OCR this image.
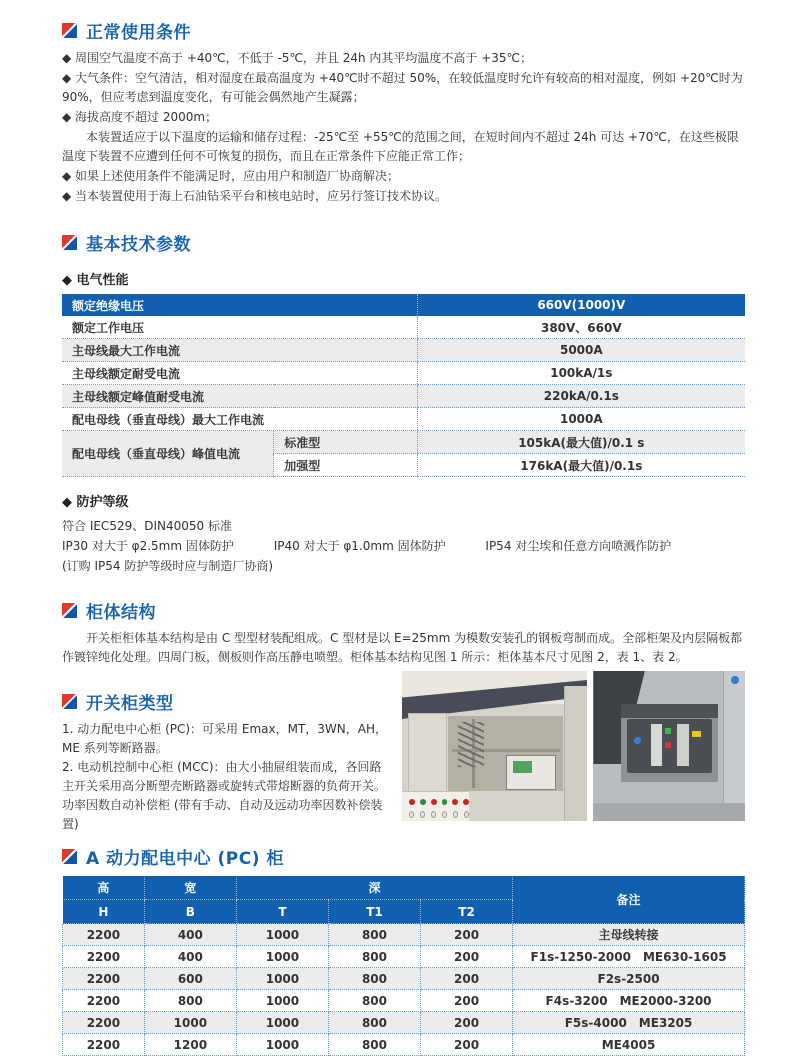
正常使用条件

◆ 周围空气温度不高于 +40℃，不低于 -5℃，并且 24h 内其平均温度不高于 +35℃；

◆ 大气条件：空气清洁，相对湿度在最高温度为 +40℃时不超过 50%，在较低温度时允许有较高的相对湿度，例如 +20℃时为 90%，但应考虑到温度变化，有可能会偶然地产生凝露；

◆ 海拔高度不超过 2000m；

本装置适应于以下温度的运输和储存过程：-25℃至 +55℃的范围之间，在短时间内不超过 24h 可达 +70℃，在这些极限温度下装置不应遭到任何不可恢复的损伤，而且在正常条件下应能正常工作；

◆ 如果上述使用条件不能满足时，应由用户和制造厂协商解决；

◆ 当本装置使用于海上石油钻采平台和核电站时，应另行签订技术协议。

基本技术参数
◆ 电气性能
额定绝缘电压		660V(1000)V
额定工作电压		380V、660V
主母线最大工作电流		5000A
主母线额定耐受电流		100kA/1s
主母线额定峰值耐受电流		220kA/0.1s
配电母线（垂直母线）最大工作电流		1000A
配电母线（垂直母线）峰值电流	标准型	105kA(最大值)/0.1 s
	加强型	176kA(最大值)/0.1s
◆ 防护等级
符合 IEC529、DIN40050 标准
IP30 对大于 φ2.5mm 固体防护	IP40 对大于 φ1.0mm 固体防护	IP54 对尘埃和任意方向喷溅作防护
(订购 IP54 防护等级时应与制造厂协商)
柜体结构

开关柜柜体基本结构是由 C 型型材装配组成。C 型材是以 E=25mm 为模数安装孔的钢板弯制而成。全部柜架及内层隔板都作镀锌纯化处理。四周门板，侧板则作高压静电喷塑。柜体基本结构见图 1 所示：柜体基本尺寸见图 2，表 1、表 2。

开关柜类型

1. 动力配电中心柜 (PC)：可采用 Emax，MT，3WN，AH，ME 系列等断路器。

2. 电动机控制中心柜 (MCC)：由大小抽屉组装而成，各回路主开关采用高分断塑壳断路器或旋转式带熔断器的负荷开关。功率因数自动补偿柜 (带有手动、自动及远动功率因数补偿装置)

A 动力配电中心 (PC) 柜
高	宽	深			备注
H	B	T	T1	T2	
2200	400	1000	800	200	主母线转接
2200	400	1000	800	200	F1s-1250-2000　ME630-1605
2200	600	1000	800	200	F2s-2500
2200	800	1000	800	200	F4s-3200　ME2000-3200
2200	1000	1000	800	200	F5s-4000　ME3205
2200	1200	1000	800	200	ME4005
